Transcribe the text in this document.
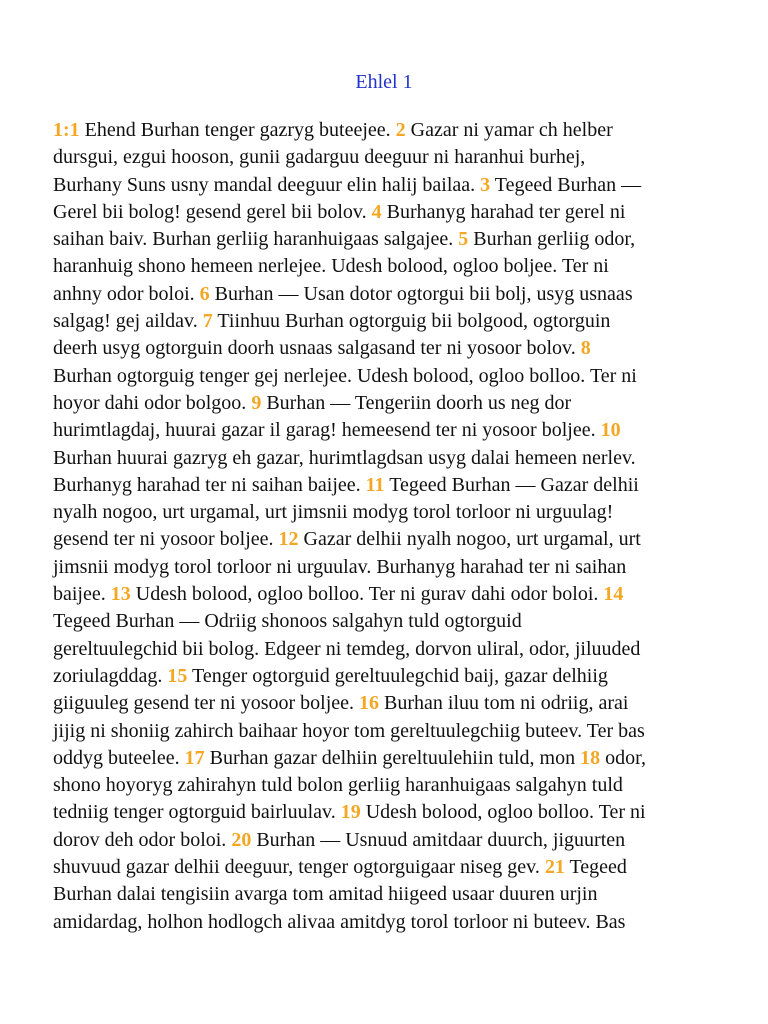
Ehlel 1
1:1 Ehend Burhan tenger gazryg buteejee. 2 Gazar ni yamar ch helber
dursgui, ezgui hooson, gunii gadarguu deeguur ni haranhui burhej,
Burhany Suns usny mandal deeguur elin halij bailaa. 3 Tegeed Burhan —
Gerel bii bolog! gesend gerel bii bolov. 4 Burhanyg harahad ter gerel ni
saihan baiv. Burhan gerliig haranhuigaas salgajee. 5 Burhan gerliig odor,
haranhuig shono hemeen nerlejee. Udesh bolood, ogloo boljee. Ter ni
anhny odor boloi. 6 Burhan — Usan dotor ogtorgui bii bolj, usyg usnaas
salgag! gej aildav. 7 Tiinhuu Burhan ogtorguig bii bolgood, ogtorguin
deerh usyg ogtorguin doorh usnaas salgasand ter ni yosoor bolov. 8
Burhan ogtorguig tenger gej nerlejee. Udesh bolood, ogloo bolloo. Ter ni
hoyor dahi odor bolgoo. 9 Burhan — Tengeriin doorh us neg dor
hurimtlagdaj, huurai gazar il garag! hemeesend ter ni yosoor boljee. 10
Burhan huurai gazryg eh gazar, hurimtlagdsan usyg dalai hemeen nerlev.
Burhanyg harahad ter ni saihan baijee. 11 Tegeed Burhan — Gazar delhii
nyalh nogoo, urt urgamal, urt jimsnii modyg torol torloor ni urguulag!
gesend ter ni yosoor boljee. 12 Gazar delhii nyalh nogoo, urt urgamal, urt
jimsnii modyg torol torloor ni urguulav. Burhanyg harahad ter ni saihan
baijee. 13 Udesh bolood, ogloo bolloo. Ter ni gurav dahi odor boloi. 14
Tegeed Burhan — Odriig shonoos salgahyn tuld ogtorguid
gereltuulegchid bii bolog. Edgeer ni temdeg, dorvon uliral, odor, jiluuded
zoriulagddag. 15 Tenger ogtorguid gereltuulegchid baij, gazar delhiig
giiguuleg gesend ter ni yosoor boljee. 16 Burhan iluu tom ni odriig, arai
jijig ni shoniig zahirch baihaar hoyor tom gereltuulegchiig buteev. Ter bas
oddyg buteelee. 17 Burhan gazar delhiin gereltuulehiin tuld, mon 18 odor,
shono hoyoryg zahirahyn tuld bolon gerliig haranhuigaas salgahyn tuld
tedniig tenger ogtorguid bairluulav. 19 Udesh bolood, ogloo bolloo. Ter ni
dorov deh odor boloi. 20 Burhan — Usnuud amitdaar duurch, jiguurten
shuvuud gazar delhii deeguur, tenger ogtorguigaar niseg gev. 21 Tegeed
Burhan dalai tengisiin avarga tom amitad hiigeed usaar duuren urjin
amidardag, holhon hodlogch alivaa amitdyg torol torloor ni buteev. Bas
